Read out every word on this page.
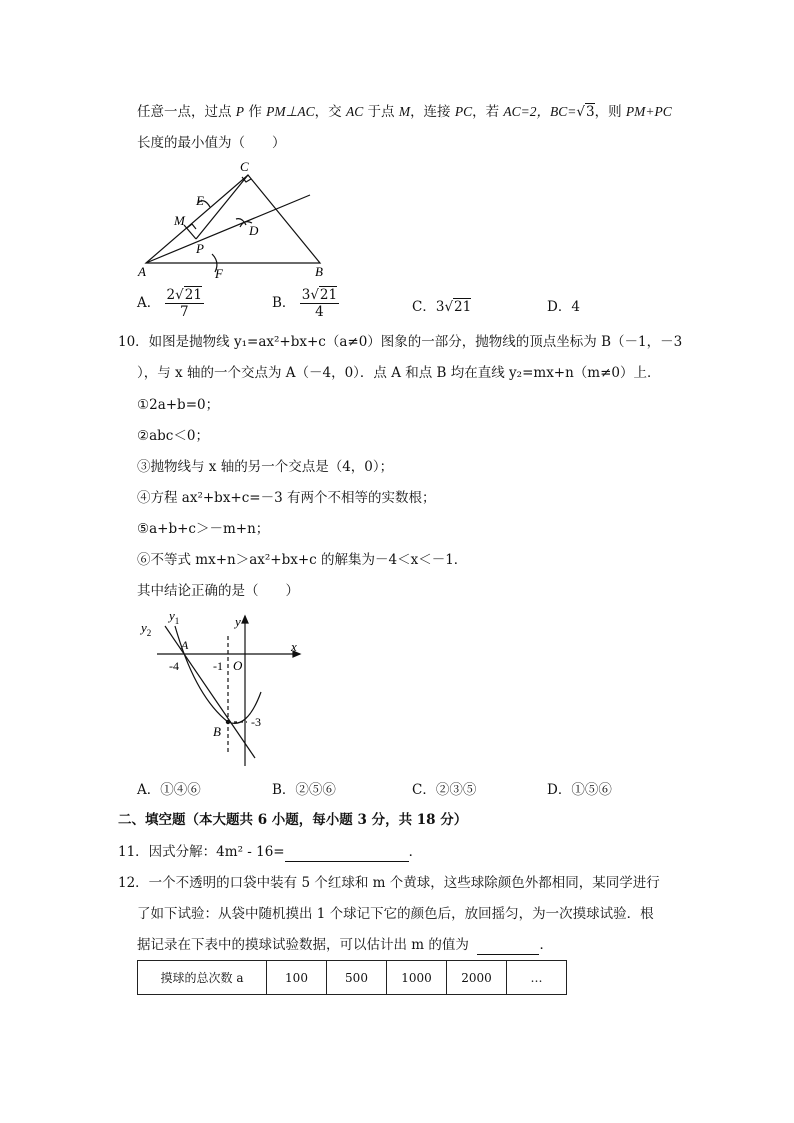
任意一点，过点 P 作 PM⊥AC，交 AC 于点 M，连接 PC，若 AC=2，BC=√3，则 PM+PC
长度的最小值为（　　）
C
E
M
D
P
A	F	B
A． $\frac{2√21}{7}$	B． $\frac{3√21}{4}$	C．3√21	D．4
10．如图是抛物线 y₁=ax²+bx+c（a≠0）图象的一部分，抛物线的顶点坐标为 B（－1，－3
），与 x 轴的一个交点为 A（－4，0）．点 A 和点 B 均在直线 y₂=mx+n（m≠0）上．
①2a+b=0；
②abc＜0；
③抛物线与 x 轴的另一个交点是（4，0）；
④方程 ax²+bx+c=－3 有两个不相等的实数根；
⑤a+b+c＞－m+n；
⑥不等式 mx+n＞ax²+bx+c 的解集为－4＜x＜－1．
其中结论正确的是（　　）
$y_2$
$y_1$	y
A	x
-4	-1 O
B
-3
A．①④⑥	B．②⑤⑥	C．②③⑤	D．①⑤⑥
二、填空题（本大题共 6 小题，每小题 3 分，共 18 分）
11．因式分解：4m² - 16=	．
12．一个不透明的口袋中装有 5 个红球和 m 个黄球，这些球除颜色外都相同，某同学进行
了如下试验：从袋中随机摸出 1 个球记下它的颜色后，放回摇匀，为一次摸球试验．根
据记录在下表中的摸球试验数据，可以估计出 m 的值为	．
摸球的总次数 a	100	500	1000	2000	…
